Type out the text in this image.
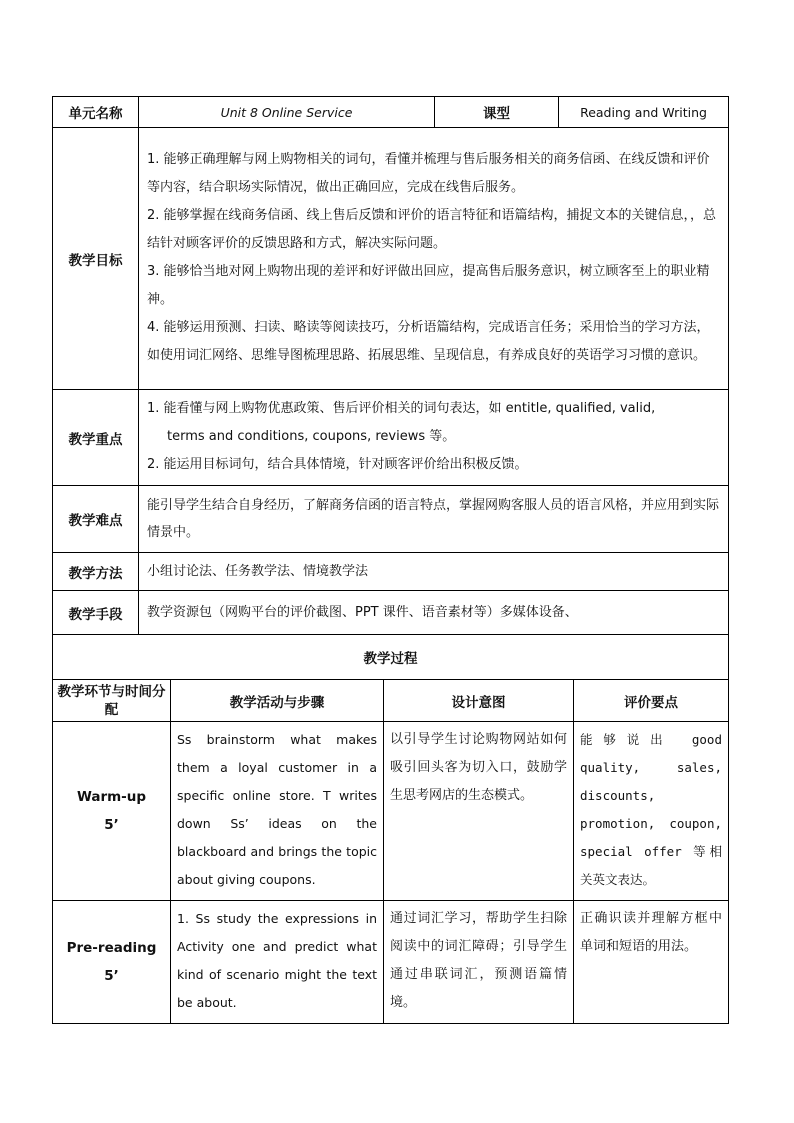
单元名称	Unit 8 Online Service	课型	Reading and Writing
教学目标	1. 能够正确理解与网上购物相关的词句，看懂并梳理与售后服务相关的商务信函、在线反馈和评价等内容，结合职场实际情况，做出正确回应，完成在线售后服务。

2. 能够掌握在线商务信函、线上售后反馈和评价的语言特征和语篇结构，捕捉文本的关键信息，，总结针对顾客评价的反馈思路和方式，解决实际问题。

3. 能够恰当地对网上购物出现的差评和好评做出回应，提高售后服务意识，树立顾客至上的职业精神。

4. 能够运用预测、扫读、略读等阅读技巧，分析语篇结构，完成语言任务；采用恰当的学习方法，如使用词汇网络、思维导图梳理思路、拓展思维、呈现信息，有养成良好的英语学习习惯的意识。		

教学重点	1. 能看懂与网上购物优惠政策、售后评价相关的词句表达，如 entitle, qualified, valid,

terms and conditions, coupons, reviews 等。

2. 能运用目标词句，结合具体情境，针对顾客评价给出积极反馈。		

教学难点	能引导学生结合自身经历，了解商务信函的语言特点，掌握网购客服人员的语言风格，并应用到实际情景中。		
教学方法	小组讨论法、任务教学法、情境教学法		
教学手段	教学资源包（网购平台的评价截图、PPT 课件、语音素材等）多媒体设备、		
教学过程			
教学环节与时间分配	教学活动与步骤	设计意图	评价要点

Warm-up
5’	Ss brainstorm what makes them a loyal customer in a specific online store. T writes down Ss’ ideas on the blackboard and brings the topic about giving coupons.	以引导学生讨论购物网站如何吸引回头客为切入口，鼓励学生思考网店的生态模式。	能够说出 good quality, sales, discounts, promotion, coupon, special offer 等相关英文表达。

Pre-reading
5’	1. Ss study the expressions in Activity one and predict what kind of scenario might the text be about.	通过词汇学习，帮助学生扫除阅读中的词汇障碍；引导学生通过串联词汇，预测语篇情境。	正确识读并理解方框中单词和短语的用法。
